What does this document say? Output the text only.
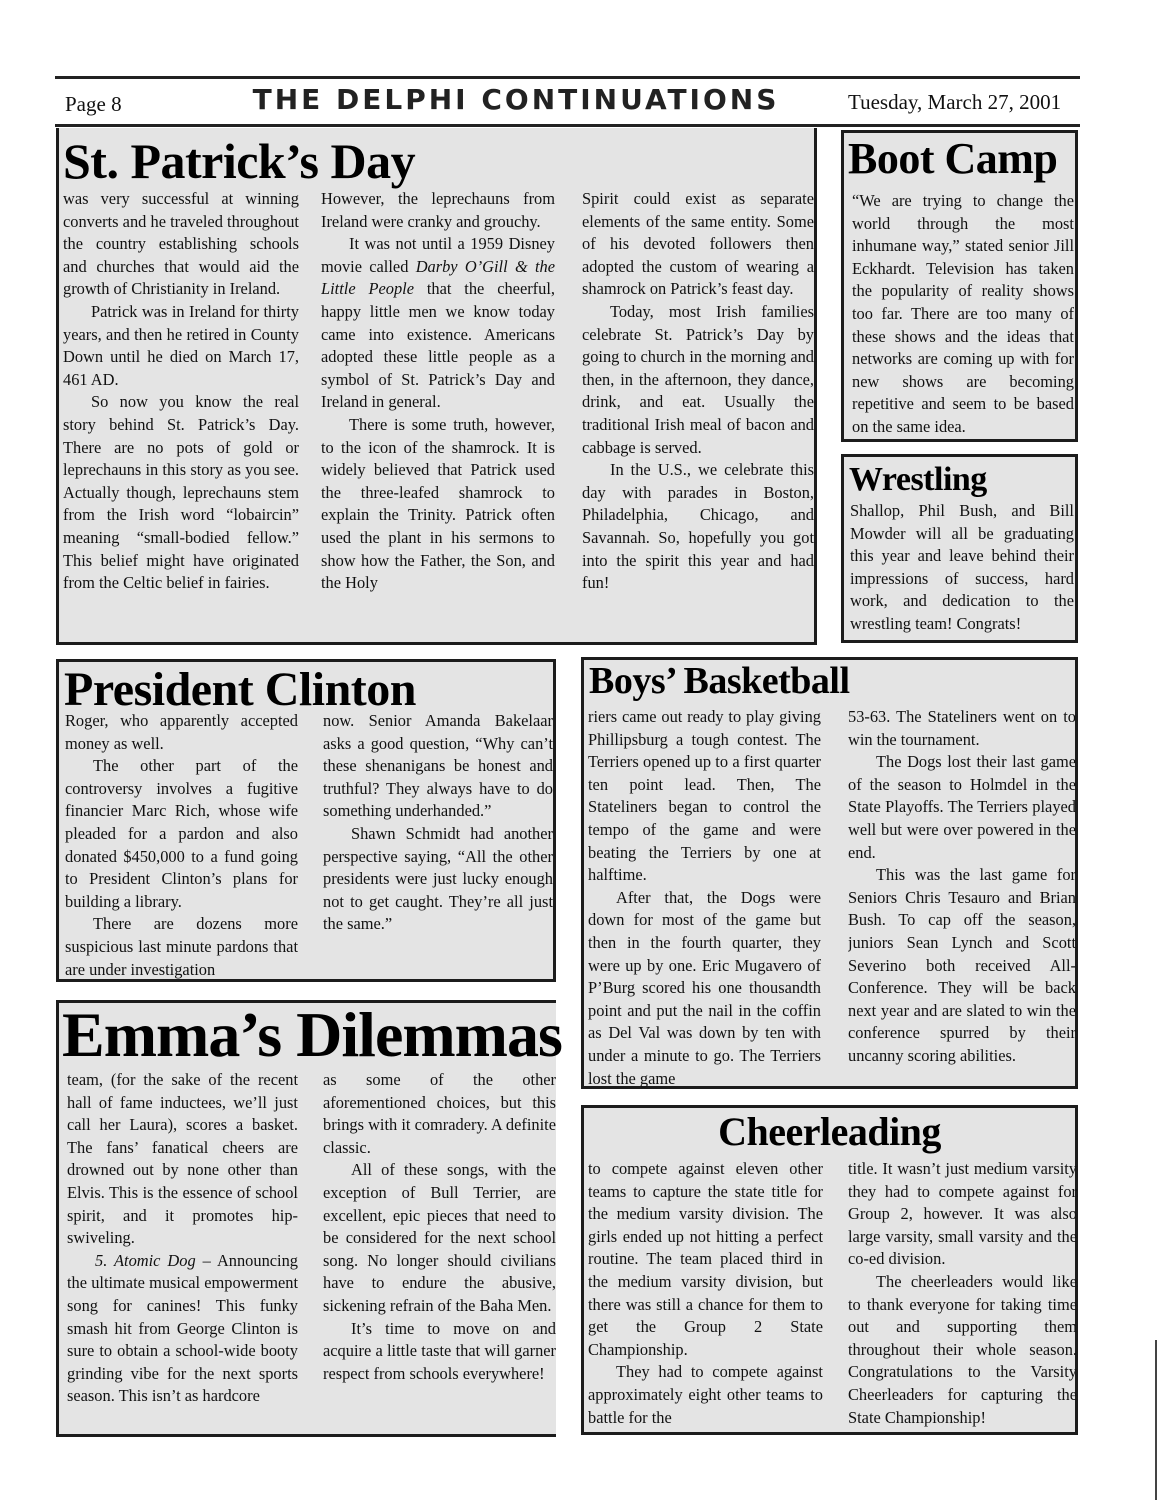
Page 8	THE DELPHI CONTINUATIONS	Tuesday, March 27, 2001
St. Patrick’s Day

was very successful at winning converts and he traveled throughout the country establishing schools and churches that would aid the growth of Christianity in Ireland.

Patrick was in Ireland for thirty years, and then he retired in County Down until he died on March 17, 461 AD.

So now you know the real story behind St. Patrick’s Day. There are no pots of gold or leprechauns in this story as you see. Actually though, leprechauns stem from the Irish word “lobaircin” meaning “small-bodied fellow.” This belief might have originated from the Celtic belief in fairies.

However, the leprechauns from Ireland were cranky and grouchy.

It was not until a 1959 Disney movie called Darby O’Gill & the Little People that the cheerful, happy little men we know today came into existence. Americans adopted these little people as a symbol of St. Patrick’s Day and Ireland in general.

There is some truth, however, to the icon of the shamrock. It is widely believed that Patrick used the three-leafed shamrock to explain the Trinity. Patrick often used the plant in his sermons to show how the Father, the Son, and the Holy

Spirit could exist as separate elements of the same entity. Some of his devoted followers then adopted the custom of wearing a shamrock on Patrick’s feast day.

Today, most Irish families celebrate St. Patrick’s Day by going to church in the morning and then, in the afternoon, they dance, drink, and eat. Usually the traditional Irish meal of bacon and cabbage is served.

In the U.S., we celebrate this day with parades in Boston, Philadelphia, Chicago, and Savannah. So, hopefully you got into the spirit this year and had fun!

Boot Camp

“We are trying to change the world through the most inhumane way,” stated senior Jill Eckhardt. Television has taken the popularity of reality shows too far. There are too many of these shows and the ideas that networks are coming up with for new shows are becoming repetitive and seem to be based on the same idea.

Wrestling

Shallop, Phil Bush, and Bill Mowder will all be graduating this year and leave behind their impressions of success, hard work, and dedication to the wrestling team! Congrats!

President Clinton

Roger, who apparently accepted money as well.

The other part of the controversy involves a fugitive financier Marc Rich, whose wife pleaded for a pardon and also donated $450,000 to a fund going to President Clinton’s plans for building a library.

There are dozens more suspicious last minute pardons that are under investigation

now. Senior Amanda Bakelaar asks a good question, “Why can’t these shenanigans be honest and truthful? They always have to do something underhanded.”

Shawn Schmidt had another perspective saying, “All the other presidents were just lucky enough not to get caught. They’re all just the same.”

Emma’s Dilemmas

team, (for the sake of the recent hall of fame inductees, we’ll just call her Laura), scores a basket. The fans’ fanatical cheers are drowned out by none other than Elvis. This is the essence of school spirit, and it promotes hip-swiveling.

5. Atomic Dog – Announcing the ultimate musical empowerment song for canines! This funky smash hit from George Clinton is sure to obtain a school-wide booty grinding vibe for the next sports season. This isn’t as hardcore

as some of the other aforementioned choices, but this brings with it comradery. A definite classic.

All of these songs, with the exception of Bull Terrier, are excellent, epic pieces that need to be considered for the next school song. No longer should civilians have to endure the abusive, sickening refrain of the Baha Men.

It’s time to move on and acquire a little taste that will garner respect from schools everywhere!

Boys’ Basketball

riers came out ready to play giving Phillipsburg a tough contest. The Terriers opened up to a first quarter ten point lead. Then, The Stateliners began to control the tempo of the game and were beating the Terriers by one at halftime.

After that, the Dogs were down for most of the game but then in the fourth quarter, they were up by one. Eric Mugavero of P’Burg scored his one thousandth point and put the nail in the coffin as Del Val was down by ten with under a minute to go. The Terriers lost the game

53-63. The Stateliners went on to win the tournament.

The Dogs lost their last game of the season to Holmdel in the State Playoffs. The Terriers played well but were over powered in the end.

This was the last game for Seniors Chris Tesauro and Brian Bush. To cap off the season, juniors Sean Lynch and Scott Severino both received All-Conference. They will be back next year and are slated to win the conference spurred by their uncanny scoring abilities.

Cheerleading

to compete against eleven other teams to capture the state title for the medium varsity division. The girls ended up not hitting a perfect routine. The team placed third in the medium varsity division, but there was still a chance for them to get the Group 2 State Championship.

They had to compete against approximately eight other teams to battle for the

title. It wasn’t just medium varsity they had to compete against for Group 2, however. It was also large varsity, small varsity and the co-ed division.

The cheerleaders would like to thank everyone for taking time out and supporting them throughout their whole season. Congratulations to the Varsity Cheerleaders for capturing the State Championship!
